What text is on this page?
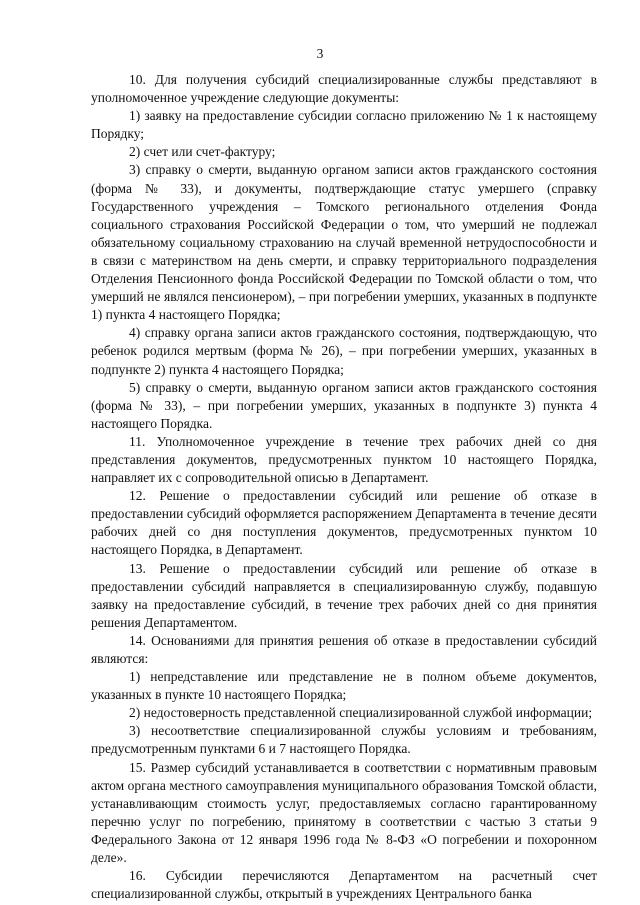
3

10. Для получения субсидий специализированные службы представляют в уполномоченное учреждение следующие документы:

1) заявку на предоставление субсидии согласно приложению № 1 к настоящему Порядку;

2) счет или счет-фактуру;

3) справку о смерти, выданную органом записи актов гражданского состояния (форма № 33), и документы, подтверждающие статус умершего (справку Государственного учреждения – Томского регионального отделения Фонда социального страхования Российской Федерации о том, что умерший не подлежал обязательному социальному страхованию на случай временной нетрудоспособности и в связи с материнством на день смерти, и справку территориального подразделения Отделения Пенсионного фонда Российской Федерации по Томской области о том, что умерший не являлся пенсионером), – при погребении умерших, указанных в подпункте 1) пункта 4 настоящего Порядка;

4) справку органа записи актов гражданского состояния, подтверждающую, что ребенок родился мертвым (форма № 26), – при погребении умерших, указанных в подпункте 2) пункта 4 настоящего Порядка;

5) справку о смерти, выданную органом записи актов гражданского состояния (форма № 33), – при погребении умерших, указанных в подпункте 3) пункта 4 настоящего Порядка.

11. Уполномоченное учреждение в течение трех рабочих дней со дня представления документов, предусмотренных пунктом 10 настоящего Порядка, направляет их с сопроводительной описью в Департамент.

12. Решение о предоставлении субсидий или решение об отказе в предоставлении субсидий оформляется распоряжением Департамента в течение десяти рабочих дней со дня поступления документов, предусмотренных пунктом 10 настоящего Порядка, в Департамент.

13. Решение о предоставлении субсидий или решение об отказе в предоставлении субсидий направляется в специализированную службу, подавшую заявку на предоставление субсидий, в течение трех рабочих дней со дня принятия решения Департаментом.

14. Основаниями для принятия решения об отказе в предоставлении субсидий являются:

1) непредставление или представление не в полном объеме документов, указанных в пункте 10 настоящего Порядка;

2) недостоверность представленной специализированной службой информации;

3) несоответствие специализированной службы условиям и требованиям, предусмотренным пунктами 6 и 7 настоящего Порядка.

15. Размер субсидий устанавливается в соответствии с нормативным правовым актом органа местного самоуправления муниципального образования Томской области, устанавливающим стоимость услуг, предоставляемых согласно гарантированному перечню услуг по погребению, принятому в соответствии с частью 3 статьи 9 Федерального Закона от 12 января 1996 года № 8-ФЗ «О погребении и похоронном деле».

16. Субсидии перечисляются Департаментом на расчетный счет специализированной службы, открытый в учреждениях Центрального банка
